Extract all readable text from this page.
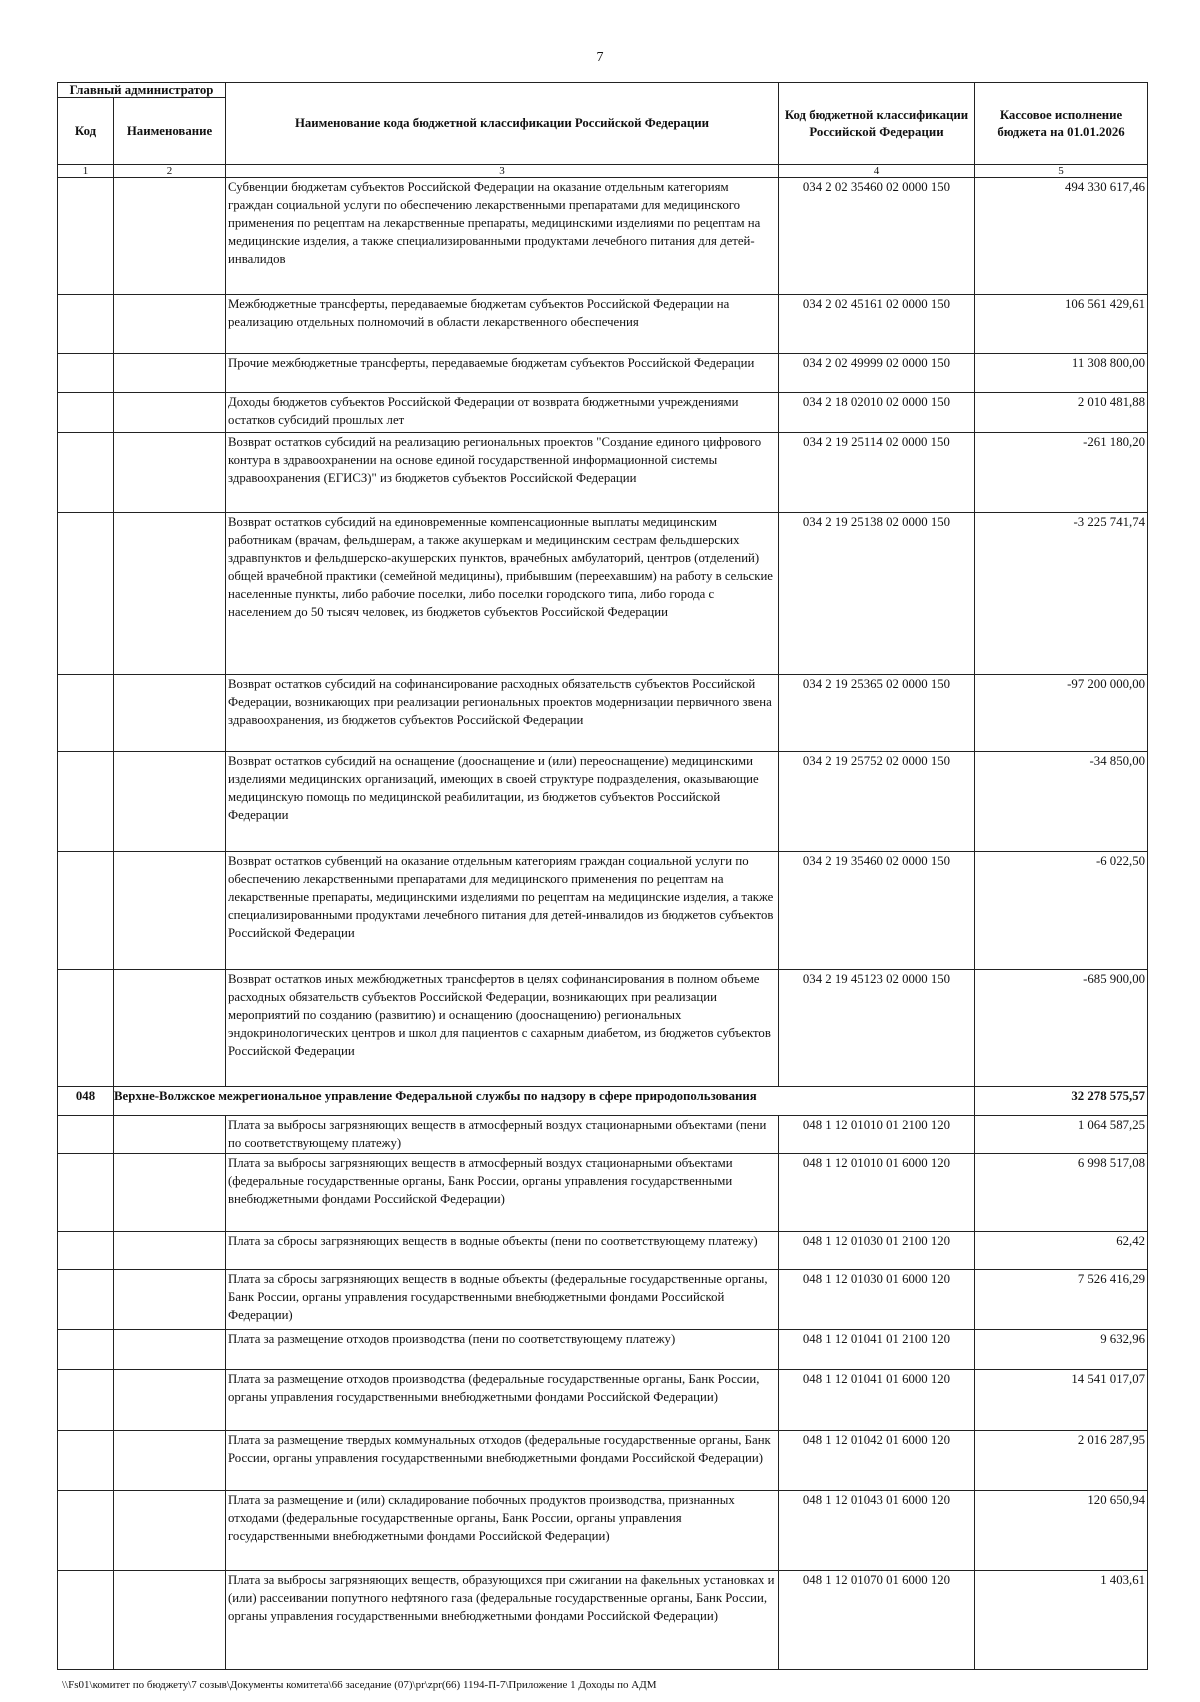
7
Главный администратор		Наименование кода бюджетной классификации Российской Федерации	Код бюджетной классификации Российской Федерации	Кассовое исполнение бюджета на 01.01.2026
Код	Наименование			
1	2	3	4	5
		Субвенции бюджетам субъектов Российской Федерации на оказание отдельным категориям граждан социальной услуги по обеспечению лекарственными препаратами для медицинского применения по рецептам на лекарственные препараты, медицинскими изделиями по рецептам на медицинские изделия, а также специализированными продуктами лечебного питания для детей-инвалидов	034 2 02 35460 02 0000 150	494 330 617,46
		Межбюджетные трансферты, передаваемые бюджетам субъектов Российской Федерации на реализацию отдельных полномочий в области лекарственного обеспечения	034 2 02 45161 02 0000 150	106 561 429,61
		Прочие межбюджетные трансферты, передаваемые бюджетам субъектов Российской Федерации	034 2 02 49999 02 0000 150	11 308 800,00
		Доходы бюджетов субъектов Российской Федерации от возврата бюджетными учреждениями остатков субсидий прошлых лет	034 2 18 02010 02 0000 150	2 010 481,88
		Возврат остатков субсидий на реализацию региональных проектов "Создание единого цифрового контура в здравоохранении на основе единой государственной информационной системы здравоохранения (ЕГИСЗ)" из бюджетов субъектов Российской Федерации	034 2 19 25114 02 0000 150	-261 180,20
		Возврат остатков субсидий на единовременные компенсационные выплаты медицинским работникам (врачам, фельдшерам, а также акушеркам и медицинским сестрам фельдшерских здравпунктов и фельдшерско-акушерских пунктов, врачебных амбулаторий, центров (отделений) общей врачебной практики (семейной медицины), прибывшим (переехавшим) на работу в сельские населенные пункты, либо рабочие поселки, либо поселки городского типа, либо города с населением до 50 тысяч человек, из бюджетов субъектов Российской Федерации	034 2 19 25138 02 0000 150	-3 225 741,74
		Возврат остатков субсидий на софинансирование расходных обязательств субъектов Российской Федерации, возникающих при реализации региональных проектов модернизации первичного звена здравоохранения, из бюджетов субъектов Российской Федерации	034 2 19 25365 02 0000 150	-97 200 000,00
		Возврат остатков субсидий на оснащение (дооснащение и (или) переоснащение) медицинскими изделиями медицинских организаций, имеющих в своей структуре подразделения, оказывающие медицинскую помощь по медицинской реабилитации, из бюджетов субъектов Российской Федерации	034 2 19 25752 02 0000 150	-34 850,00
		Возврат остатков субвенций на оказание отдельным категориям граждан социальной услуги по обеспечению лекарственными препаратами для медицинского применения по рецептам на лекарственные препараты, медицинскими изделиями по рецептам на медицинские изделия, а также специализированными продуктами лечебного питания для детей-инвалидов из бюджетов субъектов Российской Федерации	034 2 19 35460 02 0000 150	-6 022,50
		Возврат остатков иных межбюджетных трансфертов в целях софинансирования в полном объеме расходных обязательств субъектов Российской Федерации, возникающих при реализации мероприятий по созданию (развитию) и оснащению (дооснащению) региональных эндокринологических центров и школ для пациентов с сахарным диабетом, из бюджетов субъектов Российской Федерации	034 2 19 45123 02 0000 150	-685 900,00
048	Верхне-Волжское межрегиональное управление Федеральной службы по надзору в сфере природопользования			32 278 575,57
		Плата за выбросы загрязняющих веществ в атмосферный воздух стационарными объектами (пени по соответствующему платежу)	048 1 12 01010 01 2100 120	1 064 587,25
		Плата за выбросы загрязняющих веществ в атмосферный воздух стационарными объектами (федеральные государственные органы, Банк России, органы управления государственными внебюджетными фондами Российской Федерации)	048 1 12 01010 01 6000 120	6 998 517,08
		Плата за сбросы загрязняющих веществ в водные объекты (пени по соответствующему платежу)	048 1 12 01030 01 2100 120	62,42
		Плата за сбросы загрязняющих веществ в водные объекты (федеральные государственные органы, Банк России, органы управления государственными внебюджетными фондами Российской Федерации)	048 1 12 01030 01 6000 120	7 526 416,29
		Плата за размещение отходов производства (пени по соответствующему платежу)	048 1 12 01041 01 2100 120	9 632,96
		Плата за размещение отходов производства (федеральные государственные органы, Банк России, органы управления государственными внебюджетными фондами Российской Федерации)	048 1 12 01041 01 6000 120	14 541 017,07
		Плата за размещение твердых коммунальных отходов (федеральные государственные органы, Банк России, органы управления государственными внебюджетными фондами Российской Федерации)	048 1 12 01042 01 6000 120	2 016 287,95
		Плата за размещение и (или) складирование побочных продуктов производства, признанных отходами (федеральные государственные органы, Банк России, органы управления государственными внебюджетными фондами Российской Федерации)	048 1 12 01043 01 6000 120	120 650,94
		Плата за выбросы загрязняющих веществ, образующихся при сжигании на факельных установках и (или) рассеивании попутного нефтяного газа (федеральные государственные органы, Банк России, органы управления государственными внебюджетными фондами Российской Федерации)	048 1 12 01070 01 6000 120	1 403,61
\\Fs01\комитет по бюджету\7 созыв\Документы комитета\66 заседание (07)\pr\zpr(66) 1194-П-7\Приложение 1 Доходы по АДМ
